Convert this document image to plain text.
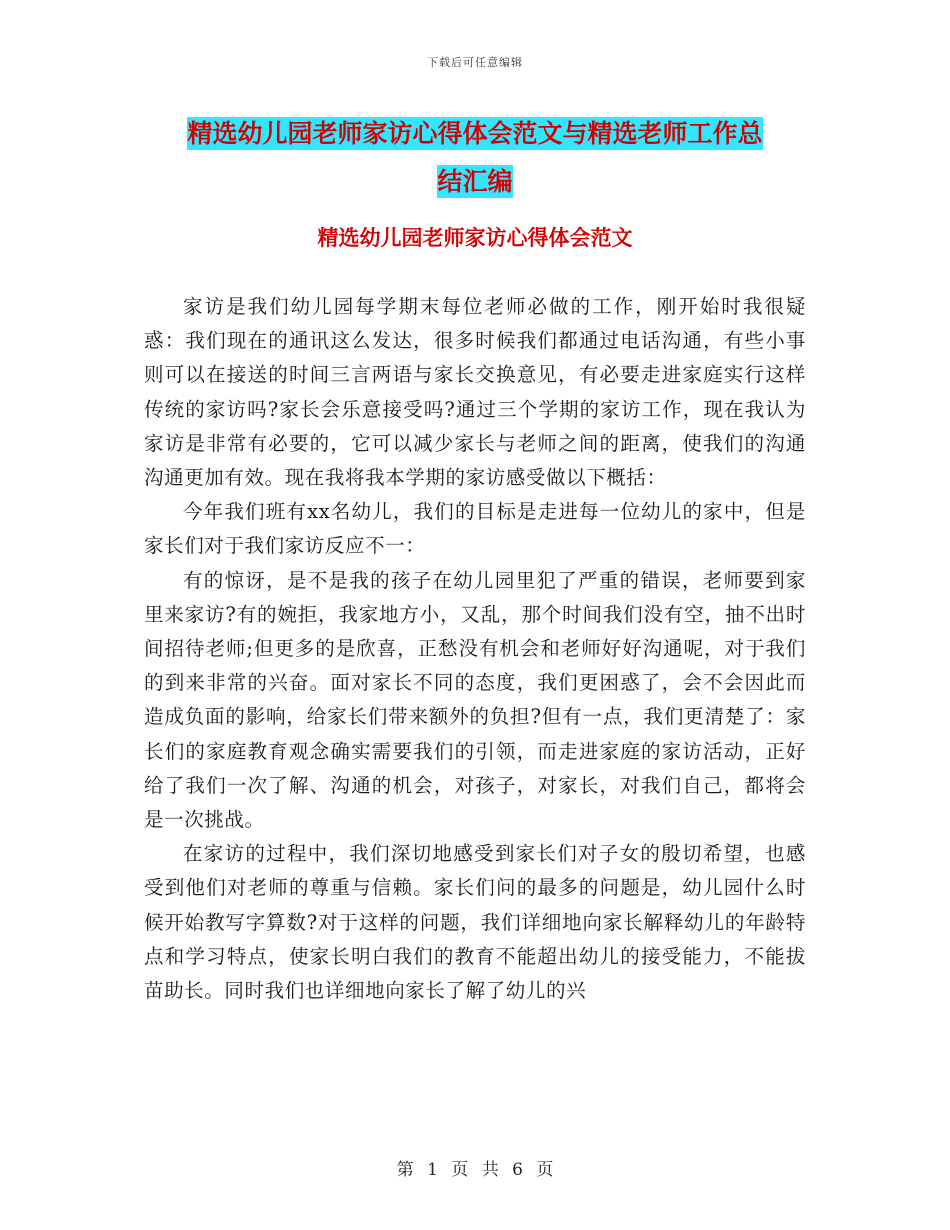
下载后可任意编辑
精选幼儿园老师家访心得体会范文与精选老师工作总
结汇编
精选幼儿园老师家访心得体会范文

家访是我们幼儿园每学期末每位老师必做的工作，刚开始时我很疑惑：我们现在的通讯这么发达，很多时候我们都通过电话沟通，有些小事则可以在接送的时间三言两语与家长交换意见，有必要走进家庭实行这样传统的家访吗?家长会乐意接受吗?通过三个学期的家访工作，现在我认为家访是非常有必要的，它可以减少家长与老师之间的距离，使我们的沟通沟通更加有效。现在我将我本学期的家访感受做以下概括：

今年我们班有xx名幼儿，我们的目标是走进每一位幼儿的家中，但是家长们对于我们家访反应不一：

有的惊讶，是不是我的孩子在幼儿园里犯了严重的错误，老师要到家里来家访?有的婉拒，我家地方小，又乱，那个时间我们没有空，抽不出时间招待老师;但更多的是欣喜，正愁没有机会和老师好好沟通呢，对于我们的到来非常的兴奋。面对家长不同的态度，我们更困惑了，会不会因此而造成负面的影响，给家长们带来额外的负担?但有一点，我们更清楚了：家长们的家庭教育观念确实需要我们的引领，而走进家庭的家访活动，正好给了我们一次了解、沟通的机会，对孩子，对家长，对我们自己，都将会是一次挑战。

在家访的过程中，我们深切地感受到家长们对子女的殷切希望，也感受到他们对老师的尊重与信赖。家长们问的最多的问题是，幼儿园什么时候开始教写字算数?对于这样的问题，我们详细地向家长解释幼儿的年龄特点和学习特点，使家长明白我们的教育不能超出幼儿的接受能力，不能拔苗助长。同时我们也详细地向家长了解了幼儿的兴

第 1 页 共 6 页
